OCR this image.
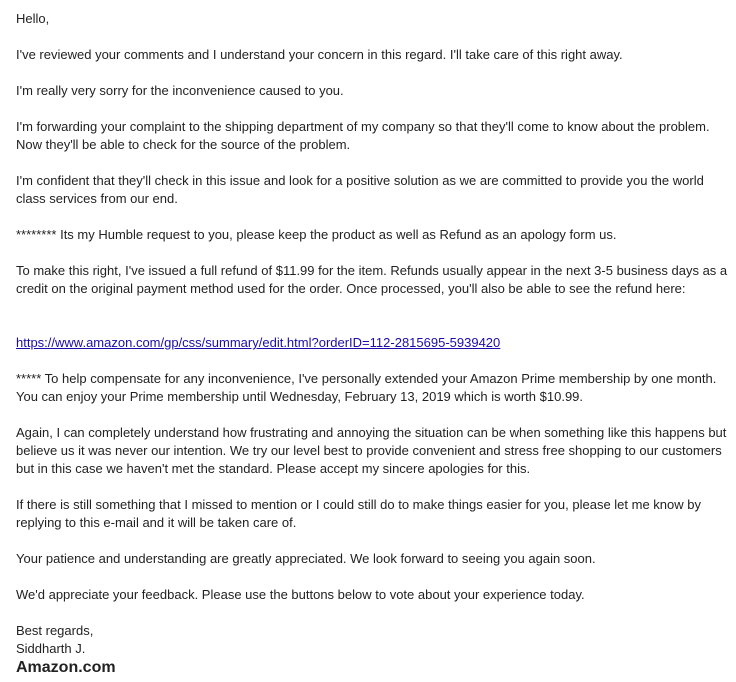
Hello,

I've reviewed your comments and I understand your concern in this regard. I'll take care of this right away.

I'm really very sorry for the inconvenience caused to you.

I'm forwarding your complaint to the shipping department of my company so that they'll come to know about the problem. Now they'll be able to check for the source of the problem.

I'm confident that they'll check in this issue and look for a positive solution as we are committed to provide you the world class services from our end.

******** Its my Humble request to you, please keep the product as well as Refund as an apology form us.

To make this right, I've issued a full refund of $11.99 for the item. Refunds usually appear in the next 3-5 business days as a credit on the original payment method used for the order. Once processed, you'll also be able to see the refund here:

https://www.amazon.com/gp/css/summary/edit.html?orderID=112-2815695-5939420

***** To help compensate for any inconvenience, I've personally extended your Amazon Prime membership by one month. You can enjoy your Prime membership until Wednesday, February 13, 2019 which is worth $10.99.

Again, I can completely understand how frustrating and annoying the situation can be when something like this happens but believe us it was never our intention. We try our level best to provide convenient and stress free shopping to our customers but in this case we haven't met the standard. Please accept my sincere apologies for this.

If there is still something that I missed to mention or I could still do to make things easier for you, please let me know by replying to this e-mail and it will be taken care of.

Your patience and understanding are greatly appreciated. We look forward to seeing you again soon.

We'd appreciate your feedback. Please use the buttons below to vote about your experience today.

Best regards,
Siddharth J.
Amazon.com
